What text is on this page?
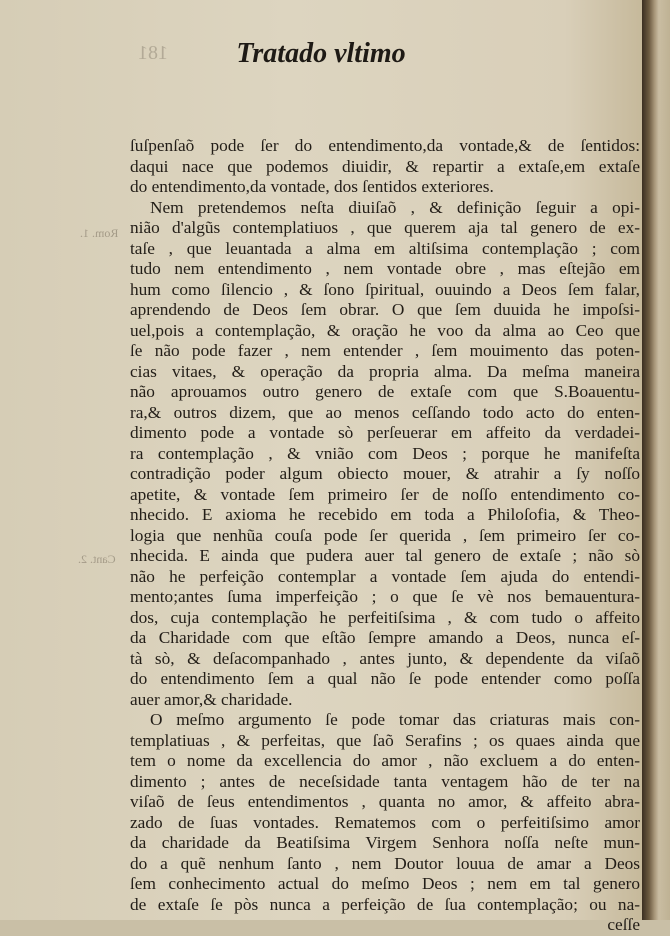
181	Tratado vltimo
Rom. 1.
Cant. 2.
ſuſpenſaõ pode ſer do entendimento,da vontade,& de ſentidos:
daqui nace que podemos diuidir, & repartir a extaſe,em extaſe
do entendimento,da vontade, dos ſentidos exteriores.
Nem pretendemos neſta diuiſaõ , & definição ſeguir a opi-
nião d'algũs contemplatiuos , que querem aja tal genero de ex-
taſe , que leuantada a alma em altiſsima contemplação ; com
tudo nem entendimento , nem vontade obre , mas eſtejão em
hum como ſilencio , & ſono ſpiritual, ouuindo a Deos ſem falar,
aprendendo de Deos ſem obrar. O que ſem duuida he impoſsi-
uel,pois a contemplação, & oração he voo da alma ao Ceo que
ſe não pode fazer , nem entender , ſem mouimento das poten-
cias vitaes, & operação da propria alma. Da meſma maneira
não aprouamos outro genero de extaſe com que S.Boauentu-
ra,& outros dizem, que ao menos ceſſando todo acto do enten-
dimento pode a vontade sò perſeuerar em affeito da verdadei-
ra contemplação , & vnião com Deos ; porque he manifeſta
contradição poder algum obiecto mouer, & atrahir a ſy noſſo
apetite, & vontade ſem primeiro ſer de noſſo entendimento co-
nhecido. E axioma he recebido em toda a Philoſofia, & Theo-
logia que nenhũa couſa pode ſer querida , ſem primeiro ſer co-
nhecida. E ainda que pudera auer tal genero de extaſe ; não sò
não he perfeição contemplar a vontade ſem ajuda do entendi-
mento;antes ſuma imperfeição ; o que ſe vè nos bemauentura-
dos, cuja contemplação he perfeitiſsima , & com tudo o affeito
da Charidade com que eſtão ſempre amando a Deos, nunca eſ-
tà sò, & deſacompanhado , antes junto, & dependente da viſaõ
do entendimento ſem a qual não ſe pode entender como poſſa
auer amor,& charidade.
O meſmo argumento ſe pode tomar das criaturas mais con-
templatiuas , & perfeitas, que ſaõ Serafins ; os quaes ainda que
tem o nome da excellencia do amor , não excluem a do enten-
dimento ; antes de neceſsidade tanta ventagem hão de ter na
viſaõ de ſeus entendimentos , quanta no amor, & affeito abra-
zado de ſuas vontades. Rematemos com o perfeitiſsimo amor
da charidade da Beatiſsima Virgem Senhora noſſa neſte mun-
do a quẽ nenhum ſanto , nem Doutor louua de amar a Deos
ſem conhecimento actual do meſmo Deos ; nem em tal genero
de extaſe ſe pòs nunca a perfeição de ſua contemplação; ou na-
ceſſe
